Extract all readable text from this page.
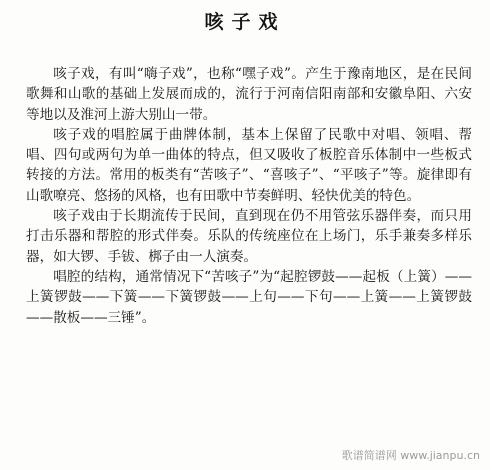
咳子戏

咳子戏，有叫“嗨子戏”，也称“嘿子戏”。产生于豫南地区，是在民间歌舞和山歌的基础上发展而成的，流行于河南信阳南部和安徽阜阳、六安等地以及淮河上游大别山一带。

咳子戏的唱腔属于曲牌体制，基本上保留了民歌中对唱、领唱、帮唱、四句或两句为单一曲体的特点，但又吸收了板腔音乐体制中一些板式转接的方法。常用的板类有“苦咳子”、“喜咳子”、“平咳子”等。旋律即有山歌嘹亮、悠扬的风格，也有田歌中节奏鲜明、轻快优美的特色。

咳子戏由于长期流传于民间，直到现在仍不用管弦乐器伴奏，而只用打击乐器和帮腔的形式伴奏。乐队的传统座位在上场门，乐手兼奏多样乐器，如大锣、手钹、梆子由一人演奏。

唱腔的结构，通常情况下“苦咳子”为“起腔锣鼓——起板（上簧）——上簧锣鼓——下簧——下簧锣鼓——上句——下句——上簧——上簧锣鼓——散板——三锤”。

歌谱简谱网 www.jianpu.cn
